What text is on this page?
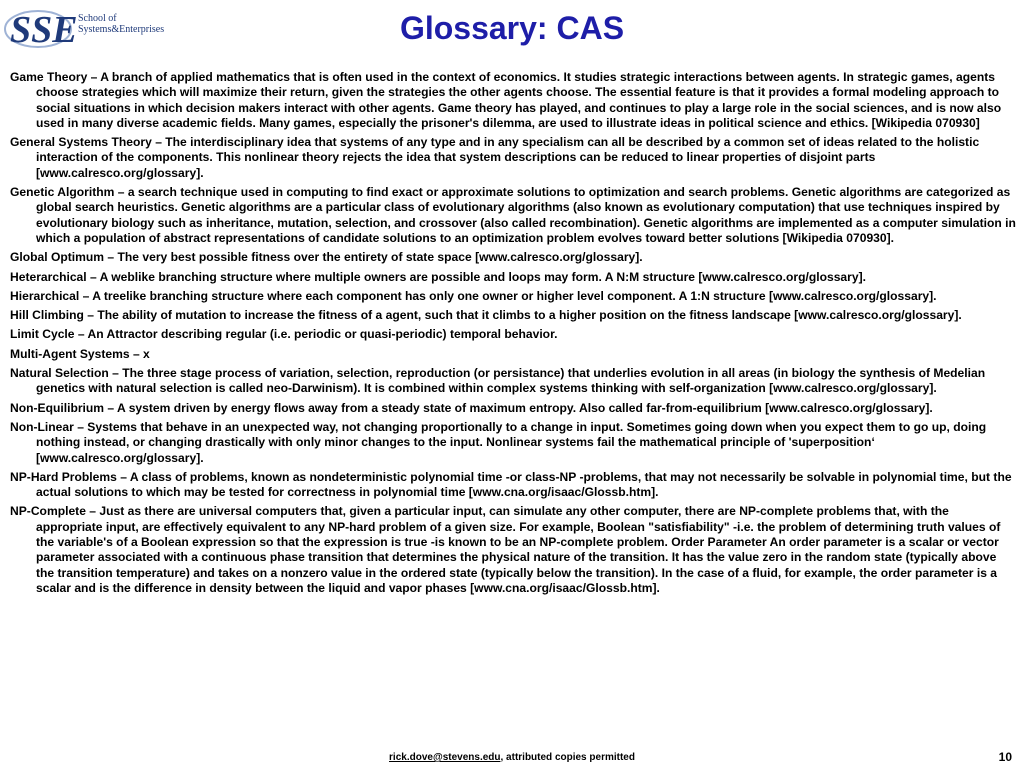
SSE School of
Systems&Enterprises	Glossary: CAS

Game Theory – A branch of applied mathematics that is often used in the context of economics. It studies strategic interactions between agents. In strategic games, agents choose strategies which will maximize their return, given the strategies the other agents choose. The essential feature is that it provides a formal modeling approach to social situations in which decision makers interact with other agents. Game theory has played, and continues to play a large role in the social sciences, and is now also used in many diverse academic fields. Many games, especially the prisoner's dilemma, are used to illustrate ideas in political science and ethics. [Wikipedia 070930]

General Systems Theory – The interdisciplinary idea that systems of any type and in any specialism can all be described by a common set of ideas related to the holistic interaction of the components. This nonlinear theory rejects the idea that system descriptions can be reduced to linear properties of disjoint parts [www.calresco.org/glossary].

Genetic Algorithm – a search technique used in computing to find exact or approximate solutions to optimization and search problems. Genetic algorithms are categorized as global search heuristics. Genetic algorithms are a particular class of evolutionary algorithms (also known as evolutionary computation) that use techniques inspired by evolutionary biology such as inheritance, mutation, selection, and crossover (also called recombination). Genetic algorithms are implemented as a computer simulation in which a population of abstract representations of candidate solutions to an optimization problem evolves toward better solutions [Wikipedia 070930].

Global Optimum – The very best possible fitness over the entirety of state space [www.calresco.org/glossary].

Heterarchical – A weblike branching structure where multiple owners are possible and loops may form. A N:M structure [www.calresco.org/glossary].

Hierarchical – A treelike branching structure where each component has only one owner or higher level component. A 1:N structure [www.calresco.org/glossary].

Hill Climbing – The ability of mutation to increase the fitness of a agent, such that it climbs to a higher position on the fitness landscape [www.calresco.org/glossary].

Limit Cycle – An Attractor describing regular (i.e. periodic or quasi-periodic) temporal behavior.

Multi-Agent Systems – x

Natural Selection – The three stage process of variation, selection, reproduction (or persistance) that underlies evolution in all areas (in biology the synthesis of Medelian genetics with natural selection is called neo-Darwinism). It is combined within complex systems thinking with self-organization [www.calresco.org/glossary].

Non-Equilibrium – A system driven by energy flows away from a steady state of maximum entropy. Also called far-from-equilibrium [www.calresco.org/glossary].

Non-Linear – Systems that behave in an unexpected way, not changing proportionally to a change in input. Sometimes going down when you expect them to go up, doing nothing instead, or changing drastically with only minor changes to the input. Nonlinear systems fail the mathematical principle of 'superposition‘ [www.calresco.org/glossary].

NP-Hard Problems – A class of problems, known as nondeterministic polynomial time -or class-NP -problems, that may not necessarily be solvable in polynomial time, but the actual solutions to which may be tested for correctness in polynomial time [www.cna.org/isaac/Glossb.htm].

NP-Complete – Just as there are universal computers that, given a particular input, can simulate any other computer, there are NP-complete problems that, with the appropriate input, are effectively equivalent to any NP-hard problem of a given size. For example, Boolean "satisfiability" -i.e. the problem of determining truth values of the variable's of a Boolean expression so that the expression is true -is known to be an NP-complete problem. Order Parameter An order parameter is a scalar or vector parameter associated with a continuous phase transition that determines the physical nature of the transition. It has the value zero in the random state (typically above the transition temperature) and takes on a nonzero value in the ordered state (typically below the transition). In the case of a fluid, for example, the order parameter is a scalar and is the difference in density between the liquid and vapor phases [www.cna.org/isaac/Glossb.htm].

rick.dove@stevens.edu, attributed copies permitted	10
